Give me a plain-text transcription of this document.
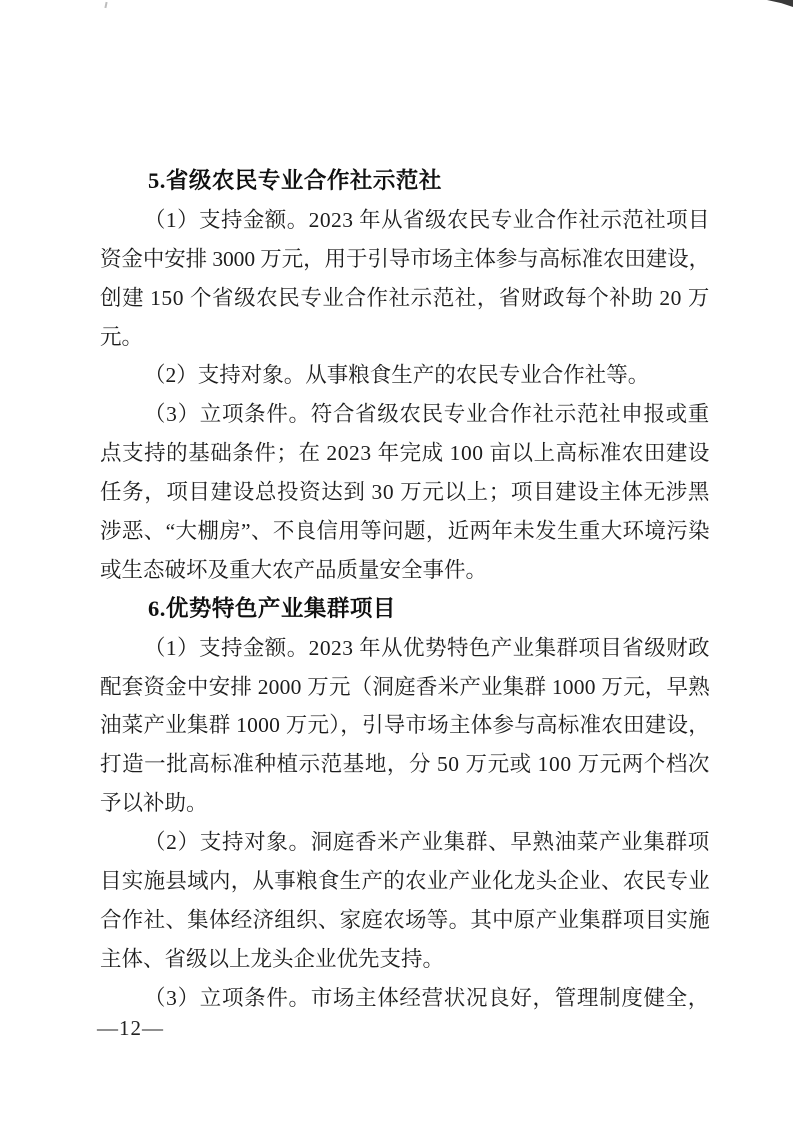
5.省级农民专业合作社示范社
（1）支持金额。2023 年从省级农民专业合作社示范社项目
资金中安排 3000 万元，用于引导市场主体参与高标准农田建设，
创建 150 个省级农民专业合作社示范社，省财政每个补助 20 万
元。
（2）支持对象。从事粮食生产的农民专业合作社等。
（3）立项条件。符合省级农民专业合作社示范社申报或重
点支持的基础条件；在 2023 年完成 100 亩以上高标准农田建设
任务，项目建设总投资达到 30 万元以上；项目建设主体无涉黑
涉恶、“大棚房”、不良信用等问题，近两年未发生重大环境污染
或生态破坏及重大农产品质量安全事件。
6.优势特色产业集群项目
（1）支持金额。2023 年从优势特色产业集群项目省级财政
配套资金中安排 2000 万元（洞庭香米产业集群 1000 万元，早熟
油菜产业集群 1000 万元），引导市场主体参与高标准农田建设，
打造一批高标准种植示范基地，分 50 万元或 100 万元两个档次
予以补助。
（2）支持对象。洞庭香米产业集群、早熟油菜产业集群项
目实施县域内，从事粮食生产的农业产业化龙头企业、农民专业
合作社、集体经济组织、家庭农场等。其中原产业集群项目实施
主体、省级以上龙头企业优先支持。
（3）立项条件。市场主体经营状况良好，管理制度健全，
—12—
